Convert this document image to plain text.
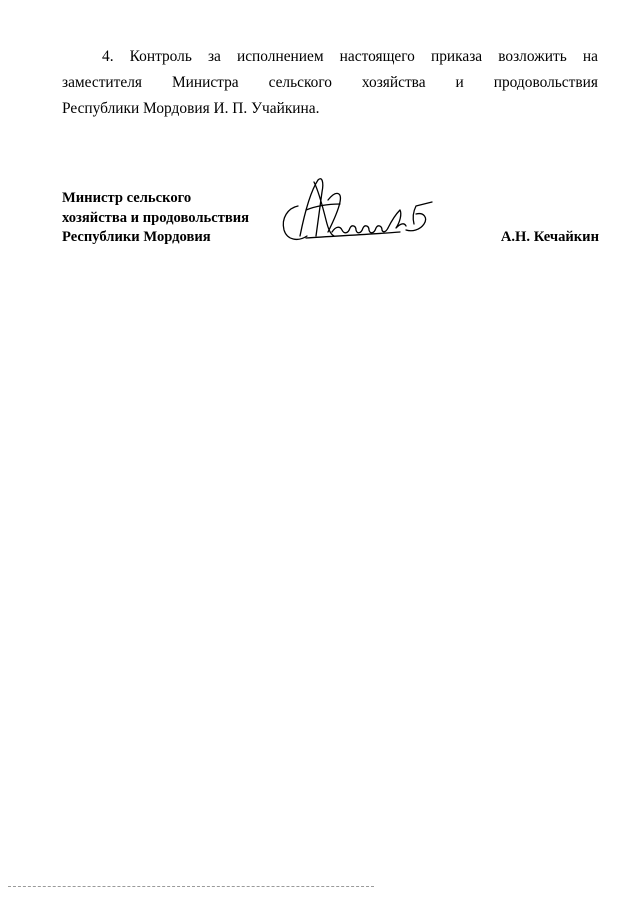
4. Контроль за исполнением настоящего приказа возложить на
заместителя Министра сельского хозяйства и продовольствия
Республики Мордовия И. П. Учайкина.
Министр сельского
хозяйства и продовольствия
Республики Мордовия	А.Н. Кечайкин
